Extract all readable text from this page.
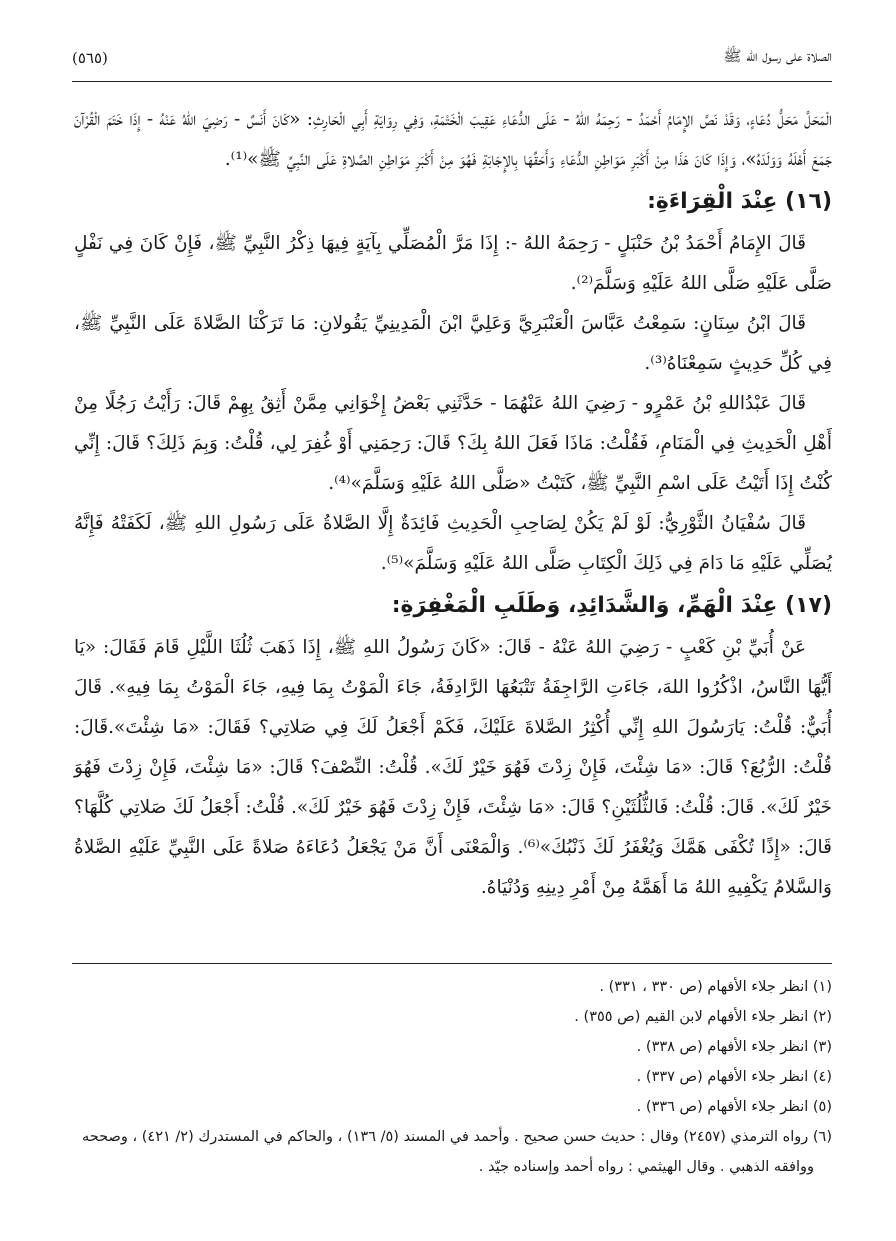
الصلاة على رسول الله ﷺ
(٥٦٥)

الْمَحَلَّ مَحَلُّ دُعَاءٍ، وَقَدْ نَصَّ الإِمَامُ أَحْمَدُ - رَحِمَهُ اللهُ - عَلَى الدُّعَاءِ عَقِيبَ الْخَتْمَةِ، وَفِي رِوَايَةِ أَبِي الْحَارِثِ: «كَانَ أَنَسٌ - رَضِيَ اللهُ عَنْهُ - إِذَا خَتَمَ الْقُرْآنَ جَمَعَ أَهْلَهُ وَوَلَدَهُ»، وَإِذَا كَانَ هَذَا مِنْ أَكْبَرِ مَوَاطِنِ الدُّعَاءِ وَأَحَقِّهَا بِالإِجَابَةِ فَهُوَ مِنْ أَكْبَرِ مَوَاطِنِ الصَّلاةِ عَلَى النَّبِيِّ ﷺ»⁽¹⁾.

(١٦) عِنْدَ الْقِرَاءَةِ:

قَالَ الإِمَامُ أَحْمَدُ بْنُ حَنْبَلٍ - رَحِمَهُ اللهُ -: إِذَا مَرَّ الْمُصَلِّي بِآيَةٍ فِيهَا ذِكْرُ النَّبِيِّ ﷺ، فَإِنْ كَانَ فِي نَفْلٍ صَلَّى عَلَيْهِ صَلَّى اللهُ عَلَيْهِ وَسَلَّمَ⁽²⁾.

قَالَ ابْنُ سِنَانٍ: سَمِعْتُ عَبَّاسَ الْعَنْبَرِيَّ وَعَلِيَّ ابْنَ الْمَدِينِيِّ يَقُولانِ: مَا تَرَكْنَا الصَّلاةَ عَلَى النَّبِيِّ ﷺ، فِي كُلِّ حَدِيثٍ سَمِعْنَاهُ⁽³⁾.

قَالَ عَبْدُاللهِ بْنُ عَمْرٍو - رَضِيَ اللهُ عَنْهُمَا - حَدَّثَنِي بَعْضُ إِخْوَانِي مِمَّنْ أَثِقُ بِهِمْ قَالَ: رَأَيْتُ رَجُلًا مِنْ أَهْلِ الْحَدِيثِ فِي الْمَنَامِ، فَقُلْتُ: مَاذَا فَعَلَ اللهُ بِكَ؟ قَالَ: رَحِمَنِي أَوْ غُفِرَ لِي، قُلْتُ: وَبِمَ ذَلِكَ؟ قَالَ: إِنِّي كُنْتُ إِذَا أَتَيْتُ عَلَى اسْمِ النَّبِيِّ ﷺ، كَتَبْتُ «صَلَّى اللهُ عَلَيْهِ وَسَلَّمَ»⁽⁴⁾.

قَالَ سُفْيَانُ الثَّوْرِيُّ: لَوْ لَمْ يَكُنْ لِصَاحِبِ الْحَدِيثِ فَائِدَةٌ إِلَّا الصَّلاةُ عَلَى رَسُولِ اللهِ ﷺ، لَكَفَتْهُ فَإِنَّهُ يُصَلِّي عَلَيْهِ مَا دَامَ فِي ذَلِكَ الْكِتَابِ صَلَّى اللهُ عَلَيْهِ وَسَلَّمَ»⁽⁵⁾.

(١٧) عِنْدَ الْهَمِّ، وَالشَّدَائِدِ، وَطَلَبِ الْمَغْفِرَةِ:

عَنْ أُبَيِّ بْنِ كَعْبٍ - رَضِيَ اللهُ عَنْهُ - قَالَ: «كَانَ رَسُولُ اللهِ ﷺ، إِذَا ذَهَبَ ثُلُثَا اللَّيْلِ قَامَ فَقَالَ: «يَا أَيُّهَا النَّاسُ، اذْكُرُوا اللهَ، جَاءَتِ الرَّاجِفَةُ تَتْبَعُهَا الرَّادِفَةُ، جَاءَ الْمَوْتُ بِمَا فِيهِ، جَاءَ الْمَوْتُ بِمَا فِيهِ». قَالَ أُبَيٌّ: قُلْتُ: يَارَسُولَ اللهِ إِنِّي أُكْثِرُ الصَّلاةَ عَلَيْكَ، فَكَمْ أَجْعَلُ لَكَ فِي صَلاتِي؟ فَقَالَ: «مَا شِئْتَ».قَالَ: قُلْتُ: الرُّبُعَ؟ قَالَ: «مَا شِئْتَ، فَإِنْ زِدْتَ فَهُوَ خَيْرٌ لَكَ». قُلْتُ: النِّصْفَ؟ قَالَ: «مَا شِئْتَ، فَإِنْ زِدْتَ فَهُوَ خَيْرٌ لَكَ». قَالَ: قُلْتُ: فَالثُّلُثَيْنِ؟ قَالَ: «مَا شِئْتَ، فَإِنْ زِدْتَ فَهُوَ خَيْرٌ لَكَ». قُلْتُ: أَجْعَلُ لَكَ صَلاتِي كُلَّهَا؟ قَالَ: «إِذًا تُكْفَى هَمَّكَ وَيُغْفَرُ لَكَ ذَنْبُكَ»⁽⁶⁾. وَالْمَعْنَى أَنَّ مَنْ يَجْعَلُ دُعَاءَهُ صَلاةً عَلَى النَّبِيِّ عَلَيْهِ الصَّلاةُ وَالسَّلامُ يَكْفِيهِ اللهُ مَا أَهَمَّهُ مِنْ أَمْرِ دِينِهِ وَدُنْيَاهُ.

(١) انظر جلاء الأفهام (ص ٣٣٠ ، ٣٣١) .

(٢) انظر جلاء الأفهام لابن القيم (ص ٣٥٥) .

(٣) انظر جلاء الأفهام (ص ٣٣٨) .

(٤) انظر جلاء الأفهام (ص ٣٣٧) .

(٥) انظر جلاء الأفهام (ص ٣٣٦) .

(٦) رواه الترمذي (٢٤٥٧) وقال : حديث حسن صحيح . وأحمد في المسند (٥/ ١٣٦) ، والحاكم في المستدرك (٢/ ٤٢١) ، وصححه

ووافقه الذهبي . وقال الهيثمي : رواه أحمد وإسناده جيّد .
